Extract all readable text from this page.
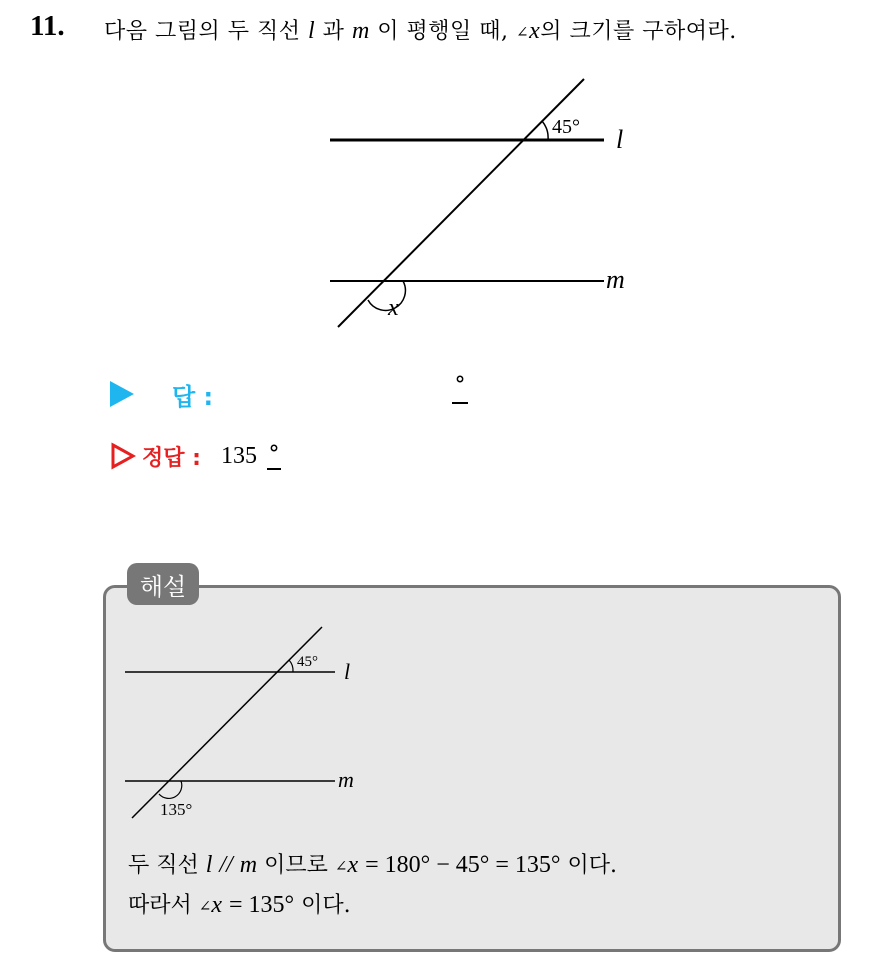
11. 다음 그림의 두 직선 l 과 m 이 평행일 때, ∠x의 크기를 구하여라.
45° l
x
m
답 :	°
정답 : 135 °
해설
45° l
135°
m
두 직선 l // m 이므로 ∠x = 180° − 45° = 135° 이다.
따라서 ∠x = 135° 이다.
